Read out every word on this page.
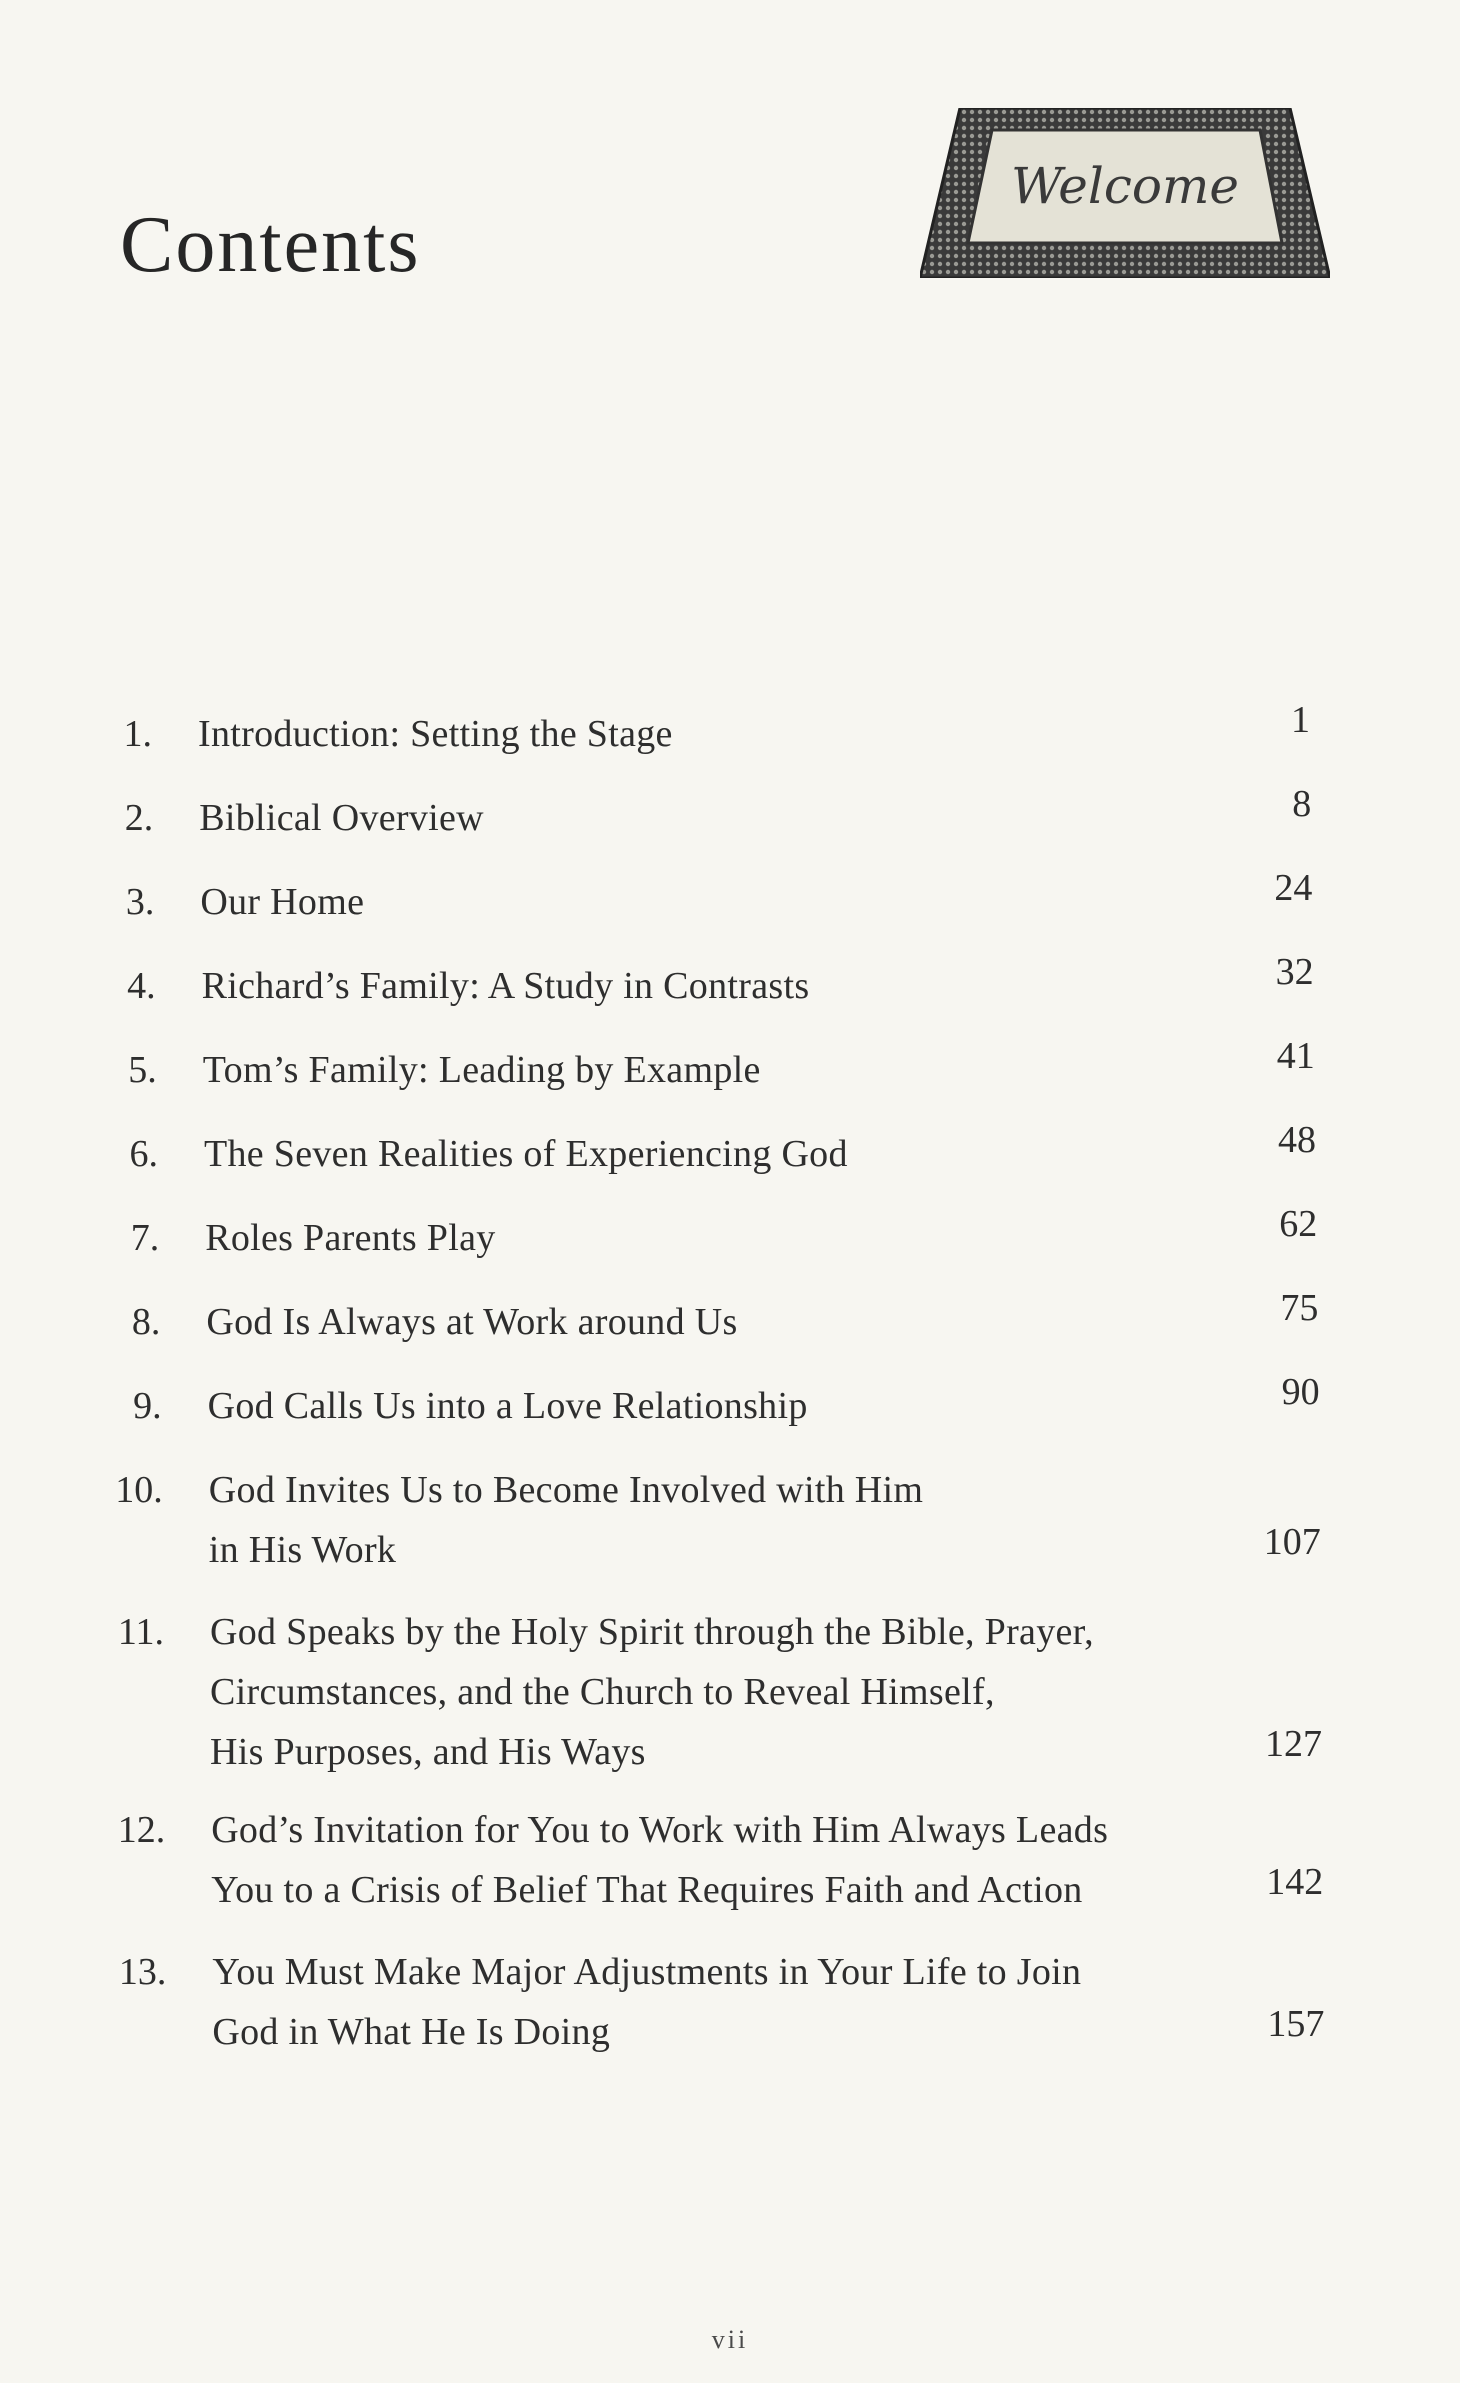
Contents
Welcome
1. Introduction: Setting the Stage	1
2. Biblical Overview	8
3. Our Home	24
4. Richard’s Family: A Study in Contrasts	32
5. Tom’s Family: Leading by Example	41
6. The Seven Realities of Experiencing God	48
7. Roles Parents Play	62
8. God Is Always at Work around Us	75
9. God Calls Us into a Love Relationship	90
10. God Invites Us to Become Involved with Him
in His Work	107
11. God Speaks by the Holy Spirit through the Bible, Prayer,
Circumstances, and the Church to Reveal Himself,
His Purposes, and His Ways	127
12. God’s Invitation for You to Work with Him Always Leads
You to a Crisis of Belief That Requires Faith and Action	142
13. You Must Make Major Adjustments in Your Life to Join
God in What He Is Doing	157
vii
